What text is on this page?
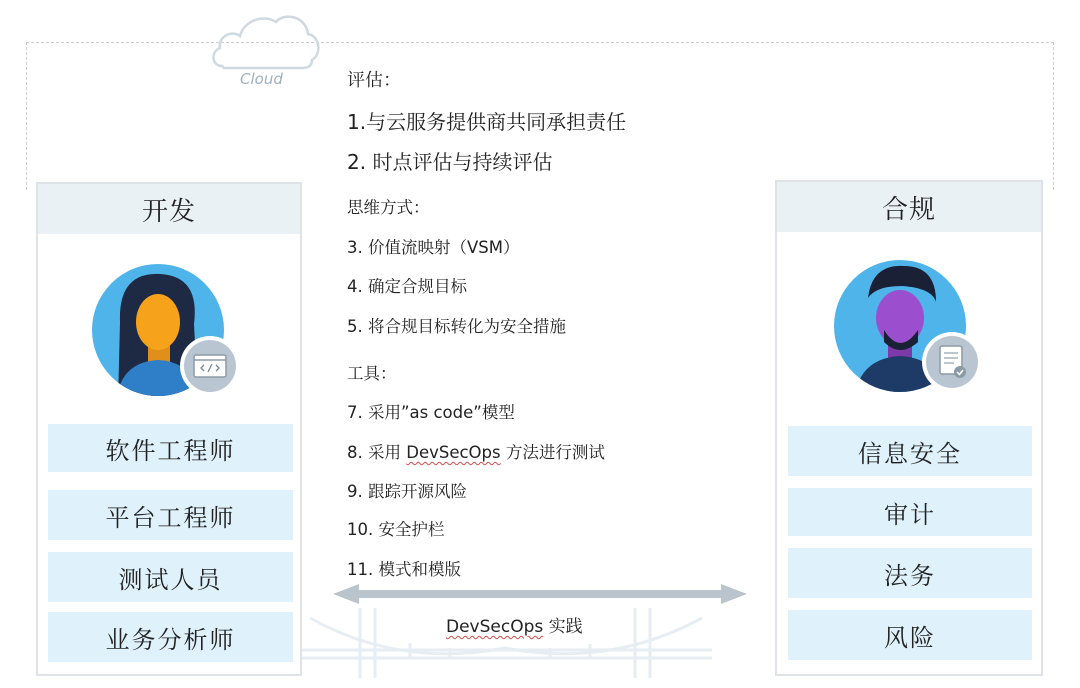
Cloud
开发
软件工程师
平台工程师
测试人员
业务分析师
合规
信息安全
审计
法务
风险
评估：
1.与云服务提供商共同承担责任
2. 时点评估与持续评估
思维方式：
3. 价值流映射（VSM）
4. 确定合规目标
5. 将合规目标转化为安全措施
工具：
7. 采用”as code”模型
8. 采用 DevSecOps 方法进行测试
9. 跟踪开源风险
10. 安全护栏
11. 模式和模版
DevSecOps 实践
